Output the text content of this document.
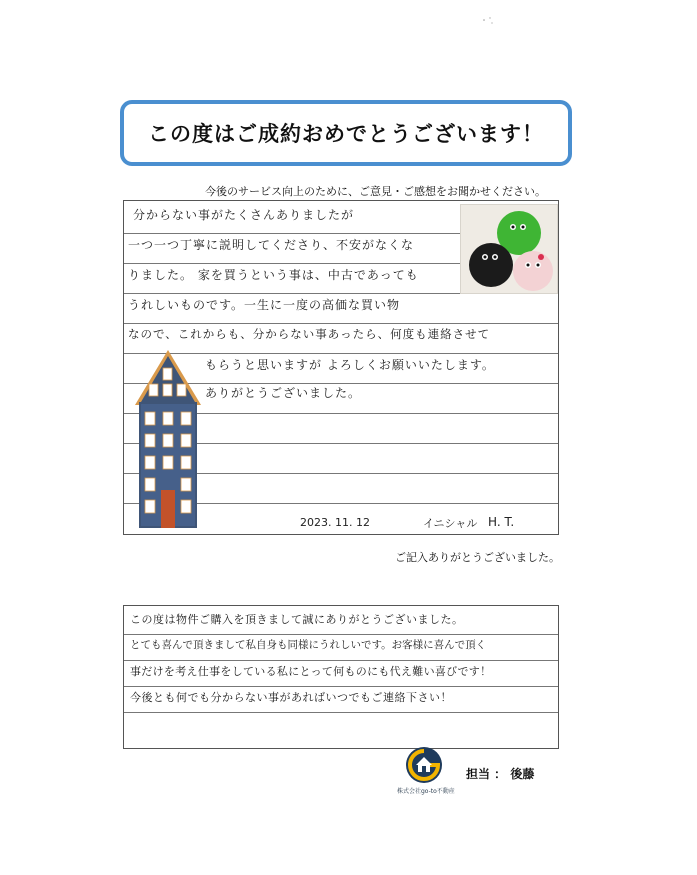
この度はご成約おめでとうございます！
今後のサービス向上のために、ご意見・ご感想をお聞かせください。
分からない事がたくさんありましたが
一つ一つ丁寧に説明してくださり、不安がなくな
りました。 家を買うという事は、中古であっても
うれしいものです。一生に一度の高価な買い物
なので、これからも、分からない事あったら、何度も連絡させて
もらうと思いますが よろしくお願いいたします。
ありがとうございました。
2023. 11. 12	イニシャル H. T.
ご記入ありがとうございました。
この度は物件ご購入を頂きまして誠にありがとうございました。
とても喜んで頂きまして私自身も同様にうれしいです。お客様に喜んで頂く
事だけを考え仕事をしている私にとって何ものにも代え難い喜びです！
今後とも何でも分からない事があればいつでもご連絡下さい！
株式会社go-to不動産
担当 ： 後藤
